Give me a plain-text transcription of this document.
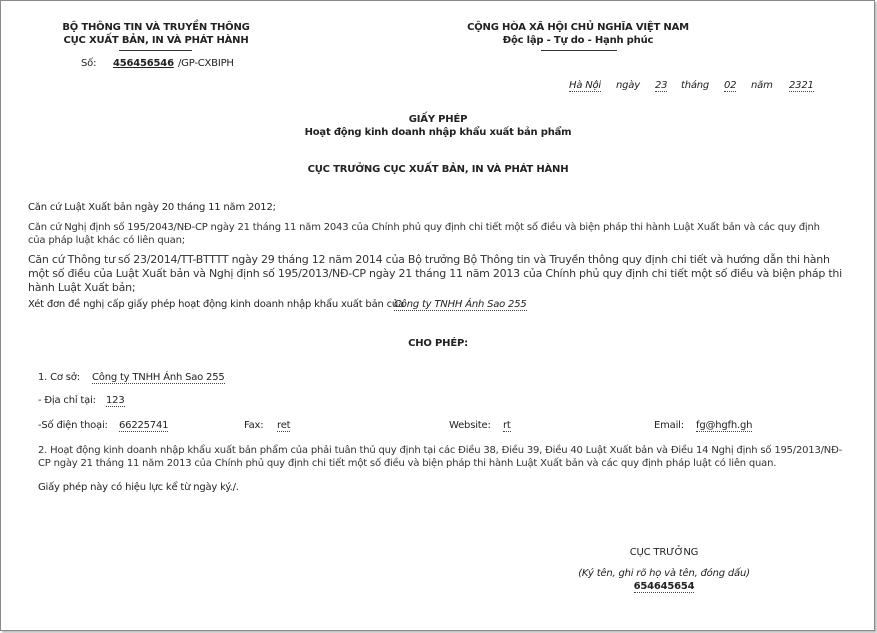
BỘ THÔNG TIN VÀ TRUYỀN THÔNG
CỤC XUẤT BẢN, IN VÀ PHÁT HÀNH
Số: 456456546 /GP-CXBIPH
CỘNG HÒA XÃ HỘI CHỦ NGHĨA VIỆT NAM
Độc lập - Tự do - Hạnh phúc
Hà Nội ngày 23 tháng 02 năm 2321
GIẤY PHÉP
Hoạt động kinh doanh nhập khẩu xuất bản phẩm
CỤC TRƯỞNG CỤC XUẤT BẢN, IN VÀ PHÁT HÀNH
Căn cứ Luật Xuất bản ngày 20 tháng 11 năm 2012;
Căn cứ Nghị định số 195/2043/NĐ-CP ngày 21 tháng 11 năm 2043 của Chính phủ quy định chi tiết một số điều và biện pháp thi hành Luật Xuất bản và các quy định của pháp luật khác có liên quan;
Căn cứ Thông tư số 23/2014/TT-BTTTT ngày 29 tháng 12 năm 2014 của Bộ trưởng Bộ Thông tin và Truyền thông quy định chi tiết và hướng dẫn thi hành một số điều của Luật Xuất bản và Nghị định số 195/2013/NĐ-CP ngày 21 tháng 11 năm 2013 của Chính phủ quy định chi tiết một số điều và biện pháp thi hành Luật Xuất bản;
Xét đơn đề nghị cấp giấy phép hoạt động kinh doanh nhập khẩu xuất bản của
Công ty TNHH Ánh Sao 255
CHO PHÉP:
1. Cơ sở: Công ty TNHH Ánh Sao 255
- Địa chỉ tại: 123
-Số điện thoại: 66225741	Fax: ret	Website: rt	Email: fg@hgfh.gh
2. Hoạt động kinh doanh nhập khẩu xuất bản phẩm của phải tuân thủ quy định tại các Điều 38, Điều 39, Điều 40 Luật Xuất bản và Điều 14 Nghị định số 195/2013/NĐ-CP ngày 21 tháng 11 năm 2013 của Chính phủ quy định chi tiết một số điều và biện pháp thi hành Luật Xuất bản và các quy định pháp luật có liên quan.
Giấy phép này có hiệu lực kể từ ngày ký./.
CỤC TRƯỞNG
(Ký tên, ghi rõ họ và tên, đóng dấu)
654645654
